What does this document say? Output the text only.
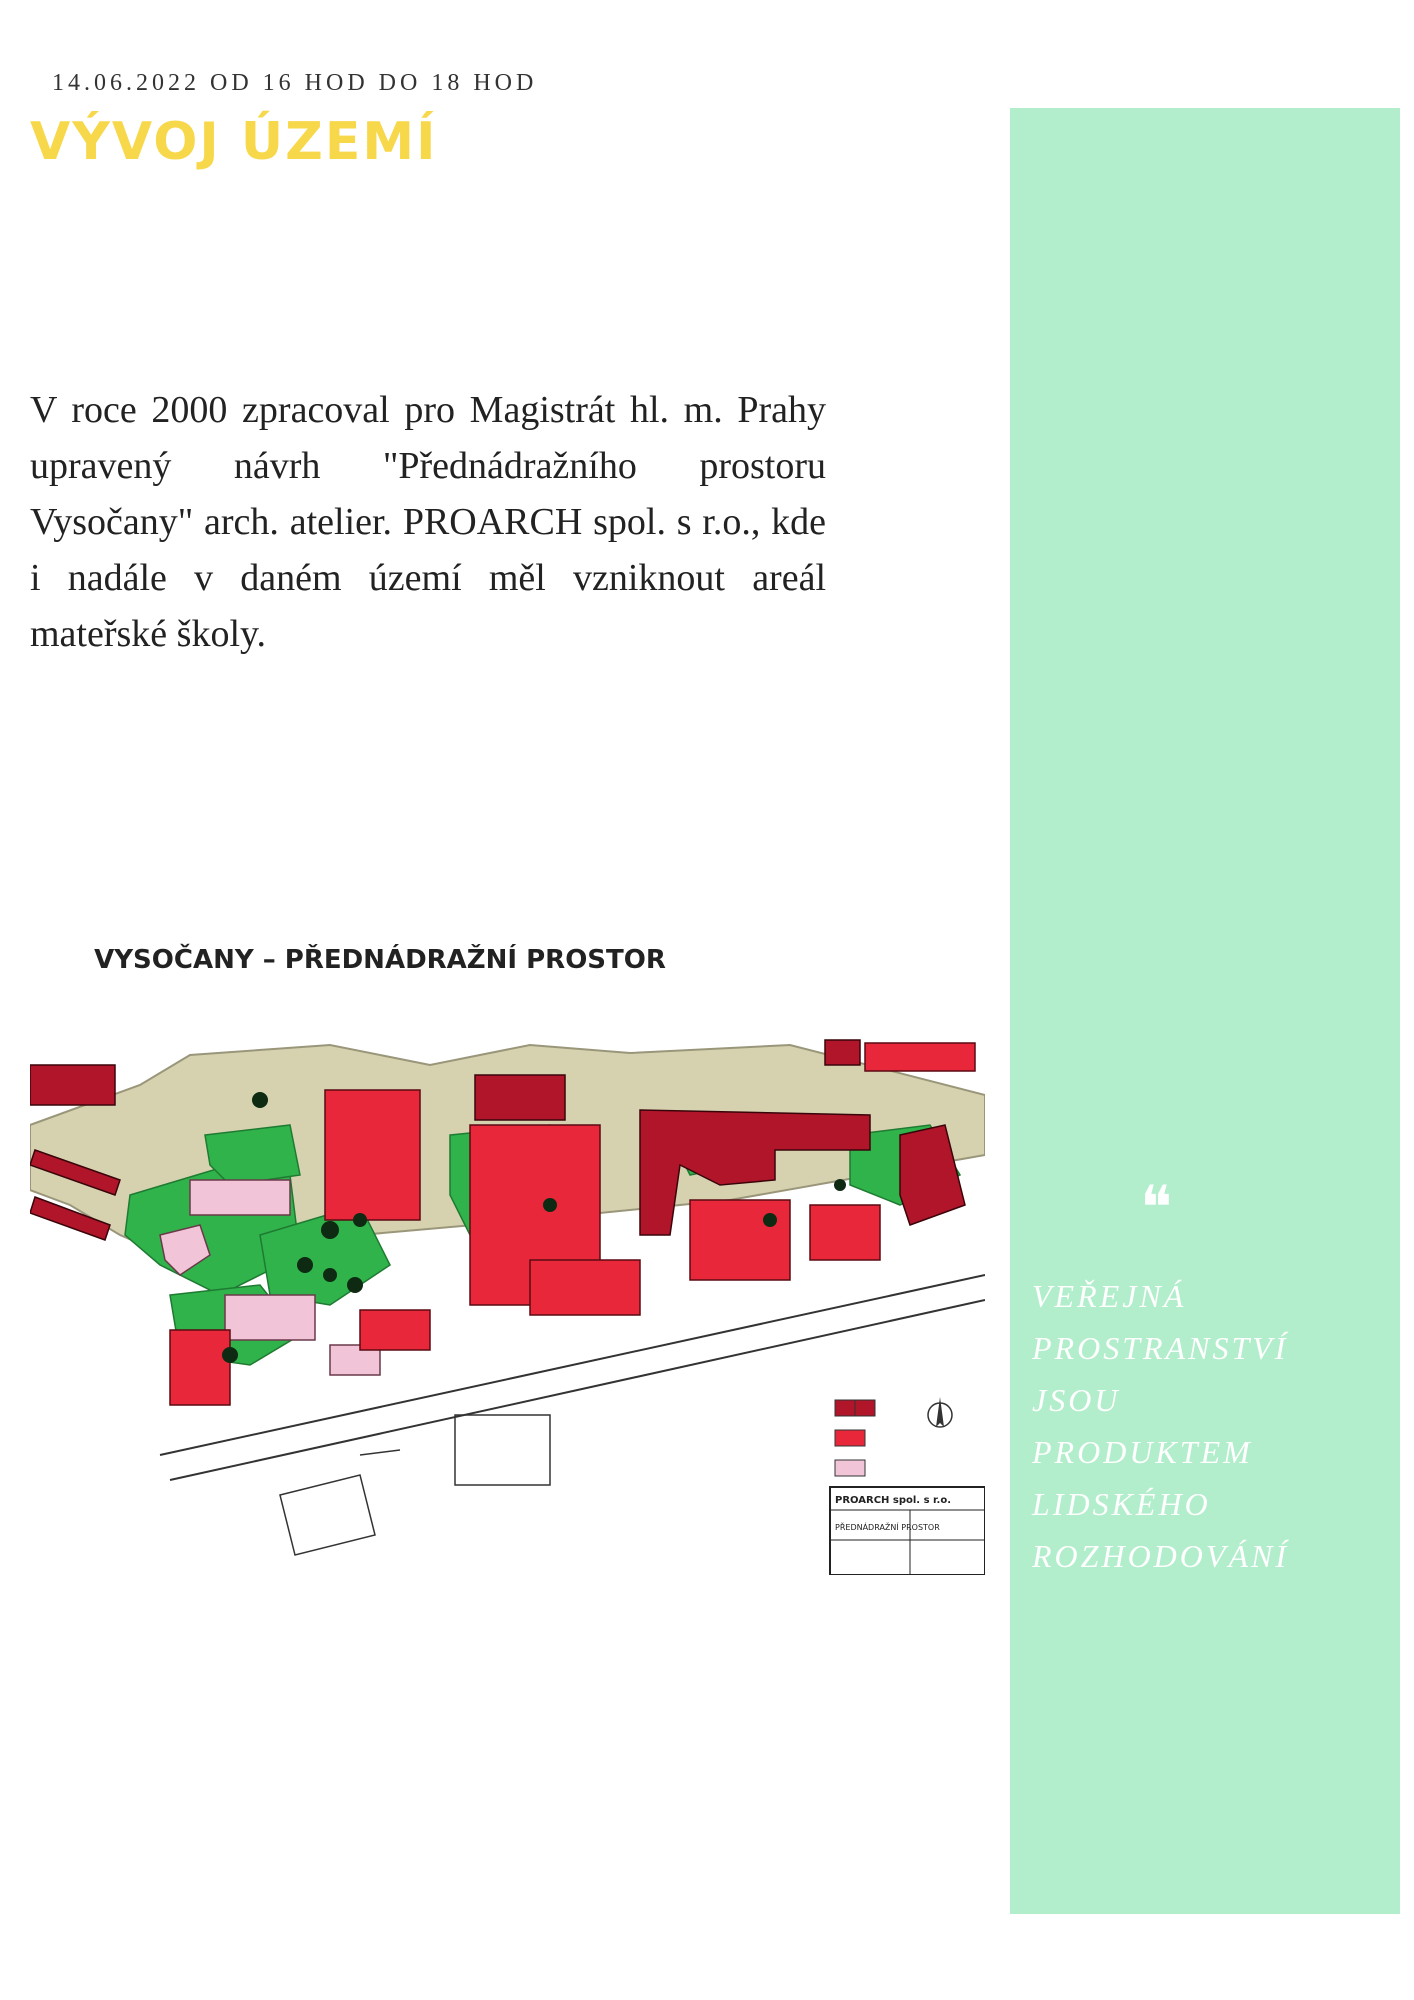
14.06.2022 OD 16 HOD DO 18 HOD
VÝVOJ ÚZEMÍ

V roce 2000 zpracoval pro Magistrát hl. m. Prahy upravený návrh "Přednádražního prostoru Vysočany" arch. atelier. PROARCH spol. s r.o., kde i nadále v daném území měl vzniknout areál mateřské školy.

PROARCH spol. s r.o.
PŘEDNÁDRAŽNÍ PROSTOR
VYSOČANY – PŘEDNÁDRAŽNÍ PROSTOR
❝
VEŘEJNÁ
PROSTRANSTVÍ
JSOU
PRODUKTEM
LIDSKÉHO
ROZHODOVÁNÍ
